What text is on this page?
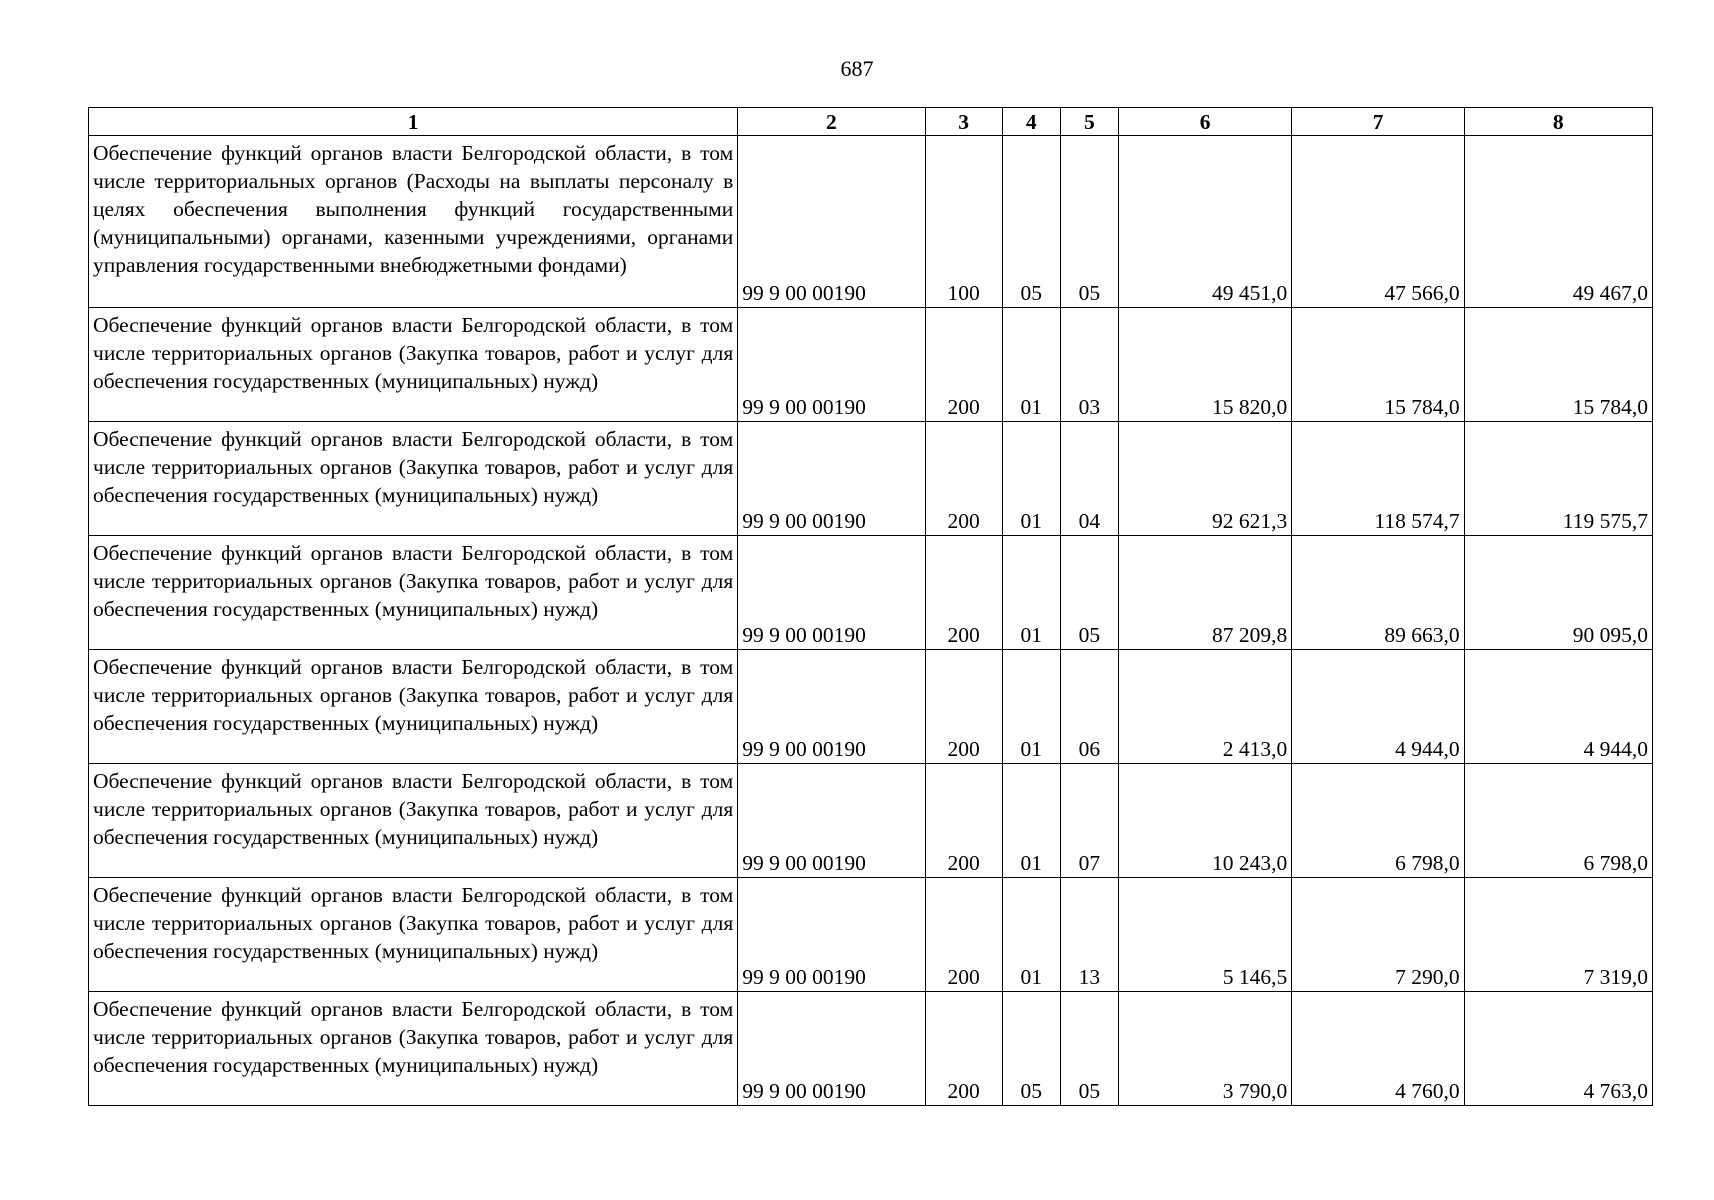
687
1	2	3	4	5	6	7	8
Обеспечение функций органов власти Белгородской области, в том числе территориальных органов (Расходы на выплаты персоналу в целях обеспечения выполнения функций государственными (муниципальными) органами, казенными учреждениями, органами управления государственными внебюджетными фондами)	99 9 00 00190	100	05	05	49 451,0	47 566,0	49 467,0
Обеспечение функций органов власти Белгородской области, в том числе территориальных органов (Закупка товаров, работ и услуг для обеспечения государственных (муниципальных) нужд)	99 9 00 00190	200	01	03	15 820,0	15 784,0	15 784,0
Обеспечение функций органов власти Белгородской области, в том числе территориальных органов (Закупка товаров, работ и услуг для обеспечения государственных (муниципальных) нужд)	99 9 00 00190	200	01	04	92 621,3	118 574,7	119 575,7
Обеспечение функций органов власти Белгородской области, в том числе территориальных органов (Закупка товаров, работ и услуг для обеспечения государственных (муниципальных) нужд)	99 9 00 00190	200	01	05	87 209,8	89 663,0	90 095,0
Обеспечение функций органов власти Белгородской области, в том числе территориальных органов (Закупка товаров, работ и услуг для обеспечения государственных (муниципальных) нужд)	99 9 00 00190	200	01	06	2 413,0	4 944,0	4 944,0
Обеспечение функций органов власти Белгородской области, в том числе территориальных органов (Закупка товаров, работ и услуг для обеспечения государственных (муниципальных) нужд)	99 9 00 00190	200	01	07	10 243,0	6 798,0	6 798,0
Обеспечение функций органов власти Белгородской области, в том числе территориальных органов (Закупка товаров, работ и услуг для обеспечения государственных (муниципальных) нужд)	99 9 00 00190	200	01	13	5 146,5	7 290,0	7 319,0
Обеспечение функций органов власти Белгородской области, в том числе территориальных органов (Закупка товаров, работ и услуг для обеспечения государственных (муниципальных) нужд)	99 9 00 00190	200	05	05	3 790,0	4 760,0	4 763,0
